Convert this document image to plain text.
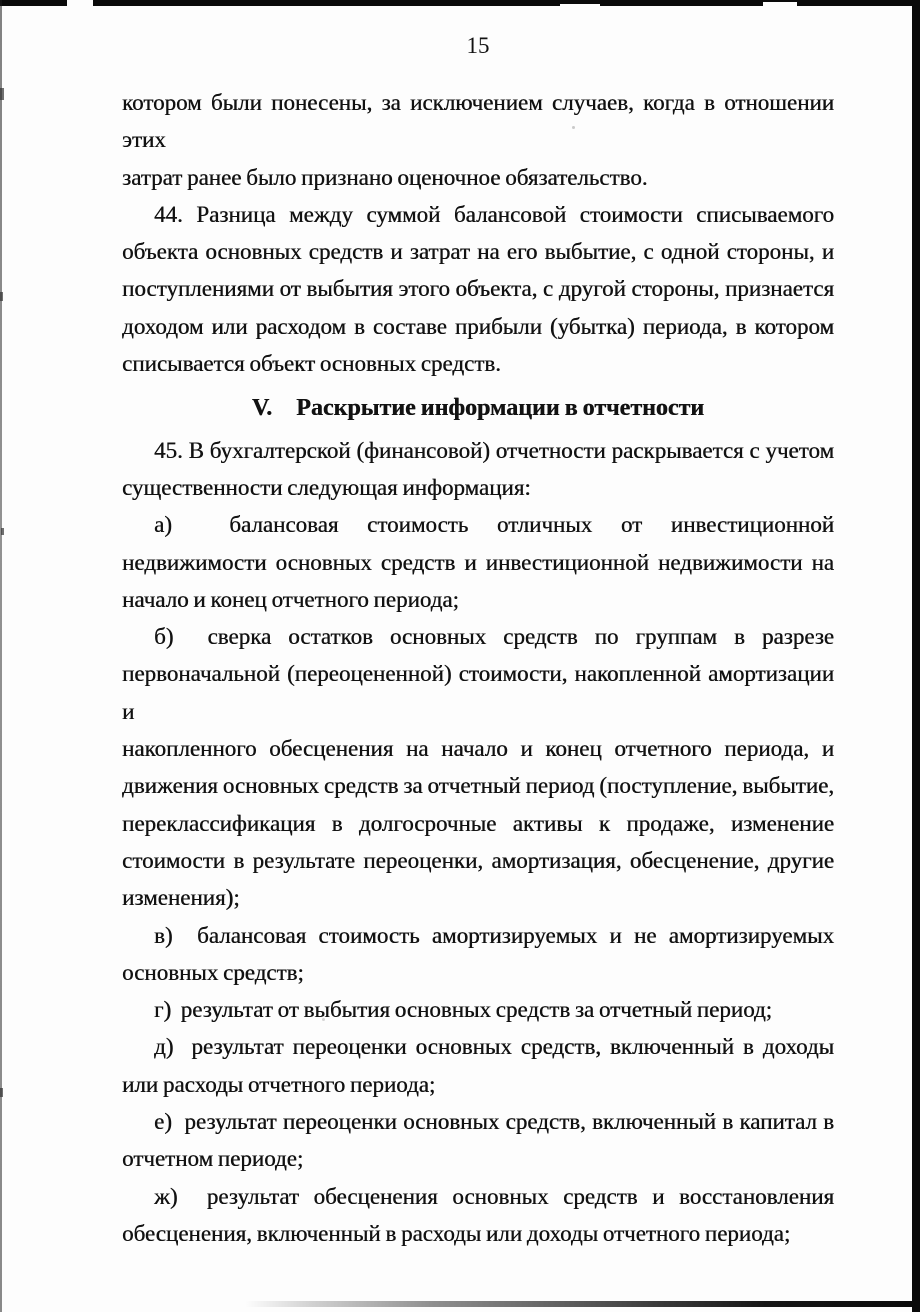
15
котором были понесены, за исключением случаев, когда в отношении этих
затрат ранее было признано оценочное обязательство.
44. Разница между суммой балансовой стоимости списываемого
объекта основных средств и затрат на его выбытие, с одной стороны, и
поступлениями от выбытия этого объекта, с другой стороны, признается
доходом или расходом в составе прибыли (убытка) периода, в котором
списывается объект основных средств.
V. Раскрытие информации в отчетности
45. В бухгалтерской (финансовой) отчетности раскрывается с учетом
существенности следующая информация:
а)  балансовая стоимость отличных от инвестиционной
недвижимости основных средств и инвестиционной недвижимости на
начало и конец отчетного периода;
б)  сверка остатков основных средств по группам в разрезе
первоначальной (переоцененной) стоимости, накопленной амортизации и
накопленного обесценения на начало и конец отчетного периода, и
движения основных средств за отчетный период (поступление, выбытие,
переклассификация в долгосрочные активы к продаже, изменение
стоимости в результате переоценки, амортизация, обесценение, другие
изменения);
в)  балансовая стоимость амортизируемых и не амортизируемых
основных средств;
г)  результат от выбытия основных средств за отчетный период;
д)  результат переоценки основных средств, включенный в доходы
или расходы отчетного периода;
е)  результат переоценки основных средств, включенный в капитал в
отчетном периоде;
ж)  результат обесценения основных средств и восстановления
обесценения, включенный в расходы или доходы отчетного периода;
